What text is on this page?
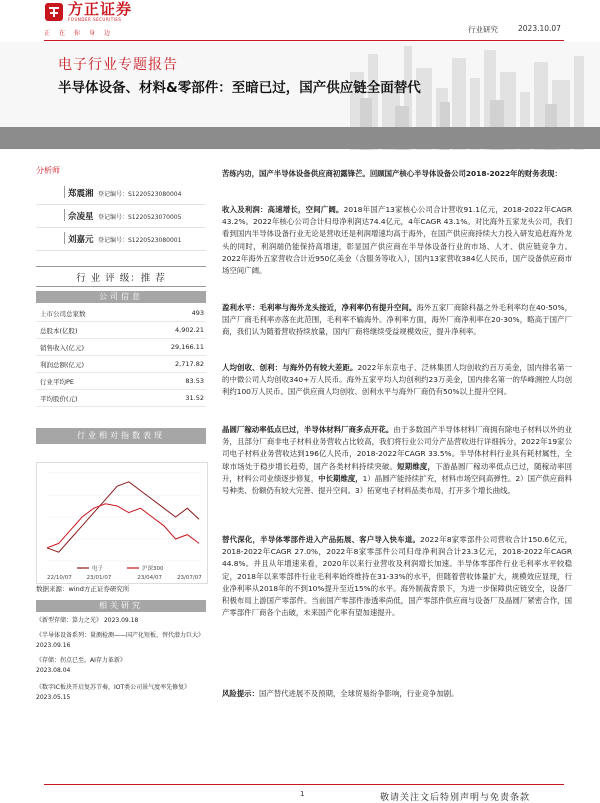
方正证券
FOUNDER SECURITIES
正在你身边	行业研究	2023.10.07
电子行业专题报告
半导体设备、材料&零部件：至暗已过，国产供应链全面替代
分析师
郑震湘 登记编号：S1220523080004
佘凌星 登记编号：S1220523070005
刘嘉元 登记编号：S1220523080001
行 业 评 级：推 荐
公司信息
上市公司总家数	493
总股本(亿股)	4,902.21
销售收入(亿元)	29,166.11
利润总额(亿元)	2,717.82
行业平均PE	83.53
平均股价(元)	31.52
行业相对指数表现
22/10/07	23/01/07	23/04/07	23/07/07
电子	沪深300
数据来源：wind方正证券研究所
相关研究
《新型存储：算力之光》 2023.09.18
《半导体设备系列：量测检测——国产化短板、替代潜力巨大》 2023.09.16
《存储：拐点已至，AI存力革新》
2023.08.04
《数字IC板块开启复苏节奏，IOT类公司景气度率先修复》 2023.05.15
苦练内功，国产半导体设备供应商初露锋芒。回顾国产核心半导体设备公司2018-2022年的财务表现：
收入及利润：高速增长，空间广阔。2018年国产13家核心公司合计营收91.1亿元，2018-2022年CAGR 43.2%。2022年核心公司合计归母净利润达74.4亿元，4年CAGR 43.1%。对比海外五家龙头公司，我们看到国内半导体设备行业无论是营收还是利润增速均高于海外，在国产供应商持续大力投入研发追赶海外龙头的同时，利润端仍能保持高增速，彰显国产供应商在半导体设备行业的市场、人才、供应链竞争力。2022年海外五家营收合计近950亿美金（含服务等收入），国内13家营收384亿人民币，国产设备供应商市场空间广阔。
盈利水平：毛利率与海外龙头接近，净利率仍有提升空间。海外五家厂商除科磊之外毛利率均在40-50%，国产厂商毛利率亦落在此范围，毛利率不输海外。净利率方面，海外厂商净利率在20-30%，略高于国产厂商，我们认为随着营收持续放量，国内厂商将继续受益规模效应，提升净利率。
人均创收、创利：与海外仍有较大差距。2022年东京电子、泛林集团人均创收约百万美金，国内排名第一的中微公司人均创收340+万人民币。海外五家平均人均创利约23万美金，国内排名第一的华峰测控人均创利约100万人民币。国产供应商人均创收、创利水平与海外厂商仍有50%以上提升空间。
晶圆厂稼动率低点已过，半导体材料厂商多点开花。由于多数国产半导体材料厂商拥有除电子材料以外的业务，且部分厂商非电子材料业务营收占比较高，我们将行业公司分产品营收进行详细拆分，2022年19家公司电子材料业务营收达到196亿人民币，2018-2022年CAGR 33.5%。半导体材料行业具有耗材属性，全球市场处于稳步增长趋势，国产各类材料持续突破。短期维度，下游晶圆厂稼动率低点已过，随稼动率回升，材料公司业绩逐步修复，中长期维度，1）晶圆产能持续扩充，材料市场空间高弹性。2）国产供应商料号种类、份额仍有较大完善、提升空间。3）拓宽电子材料品类布局，打开多个增长曲线。
替代深化，半导体零部件进入产品拓展、客户导入快车道。2022年8家零部件公司营收合计150.6亿元，2018-2022年CAGR 27.0%，2022年8家零部件公司归母净利润合计23.3亿元，2018-2022年CAGR 44.8%。并且从年增速来看，2020年以来行业营收及利润增长加速。半导体零部件行业毛利率水平较稳定，2018年以来零部件行业毛利率始终维持在31-33%的水平，但随着营收体量扩大，规模效应显现，行业净利率从2018年的不到10%提升至近15%的水平。海外制裁背景下，为进一步保障供应链安全，设备厂积极布局上游国产零部件。当前国产零部件渗透率尚低，国产零部件供应商与设备厂及晶圆厂紧密合作，国产零部件厂商各个击破，未来国产化率有望加速提升。
风险提示：国产替代进展不及预期，全球贸易纷争影响，行业竞争加剧。
1	敬请关注文后特别声明与免责条款
